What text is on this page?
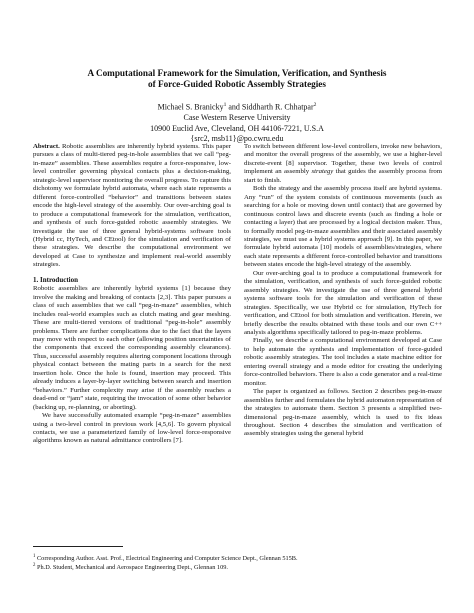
A Computational Framework for the Simulation, Verification, and Synthesis
of Force-Guided Robotic Assembly Strategies
Michael S. Branicky$^1$ and Siddharth R. Chhatpar$^2$
Case Western Reserve University
10900 Euclid Ave, Cleveland, OH 44106-7221, U.S.A
{src2, msb11}@po.cwru.edu

Abstract. Robotic assemblies are inherently hybrid systems. This paper pursues a class of multi-tiered peg-in-hole assemblies that we call “peg-in-maze” assemblies. These assemblies require a force-responsive, low-level controller governing physical contacts plus a decision-making, strategic-level supervisor monitoring the overall progress. To capture this dichotomy we formulate hybrid automata, where each state represents a different force-controlled “behavior” and transitions between states encode the high-level strategy of the assembly. Our over-arching goal is to produce a computational framework for the simulation, verification, and synthesis of such force-guided robotic assembly strategies. We investigate the use of three general hybrid-systems software tools (Hybrid cc, HyTech, and CEtool) for the simulation and verification of these strategies. We describe the computational environment we developed at Case to synthesize and implement real-world assembly strategies.

1. Introduction

Robotic assemblies are inherently hybrid systems [1] because they involve the making and breaking of contacts [2,3]. This paper pursues a class of such assemblies that we call “peg-in-maze” assemblies, which includes real-world examples such as clutch mating and gear meshing. These are multi-tiered versions of traditional “peg-in-hole” assembly problems. There are further complications due to the fact that the layers may move with respect to each other (allowing position uncertainties of the components that exceed the corresponding assembly clearances). Thus, successful assembly requires altering component locations through physical contact between the mating parts in a search for the next insertion hole. Once the hole is found, insertion may proceed. This already induces a layer-by-layer switching between search and insertion “behaviors.” Further complexity may arise if the assembly reaches a dead-end or “jam” state, requiring the invocation of some other behavior (backing up, re-planning, or aborting).

We have successfully automated example “peg-in-maze” assemblies using a two-level control in previous work [4,5,6]. To govern physical contacts, we use a parameterized family of low-level force-responsive algorithms known as natural admittance controllers [7].

To switch between different low-level controllers, invoke new behaviors, and monitor the overall progress of the assembly, we use a higher-level discrete-event [8] supervisor. Together, these two levels of control implement an assembly strategy that guides the assembly process from start to finish.

Both the strategy and the assembly process itself are hybrid systems. Any “run” of the system consists of continuous movements (such as searching for a hole or moving down until contact) that are governed by continuous control laws and discrete events (such as finding a hole or contacting a layer) that are processed by a logical decision maker. Thus, to formally model peg-in-maze assemblies and their associated assembly strategies, we must use a hybrid systems approach [9]. In this paper, we formulate hybrid automata [10] models of assemblies/strategies, where each state represents a different force-controlled behavior and transitions between states encode the high-level strategy of the assembly.

Our over-arching goal is to produce a computational framework for the simulation, verification, and synthesis of such force-guided robotic assembly strategies. We investigate the use of three general hybrid systems software tools for the simulation and verification of these strategies. Specifically, we use Hybrid cc for simulation, HyTech for verification, and CEtool for both simulation and verification. Herein, we briefly describe the results obtained with these tools and our own C++ analysis algorithms specifically tailored to peg-in-maze problems.

Finally, we describe a computational environment developed at Case to help automate the synthesis and implementation of force-guided robotic assembly strategies. The tool includes a state machine editor for entering overall strategy and a mode editor for creating the underlying force-controlled behaviors. There is also a code generator and a real-time monitor.

The paper is organized as follows. Section 2 describes peg-in-maze assemblies further and formulates the hybrid automaton representation of the strategies to automate them. Section 3 presents a simplified two-dimensional peg-in-maze assembly, which is used to fix ideas throughout. Section 4 describes the simulation and verification of assembly strategies using the general hybrid

$^1$ Corresponding Author. Asst. Prof., Electrical Engineering and Computer Science Dept., Glennan 515B.
$^2$ Ph.D. Student, Mechanical and Aerospace Engineering Dept., Glennan 109.
